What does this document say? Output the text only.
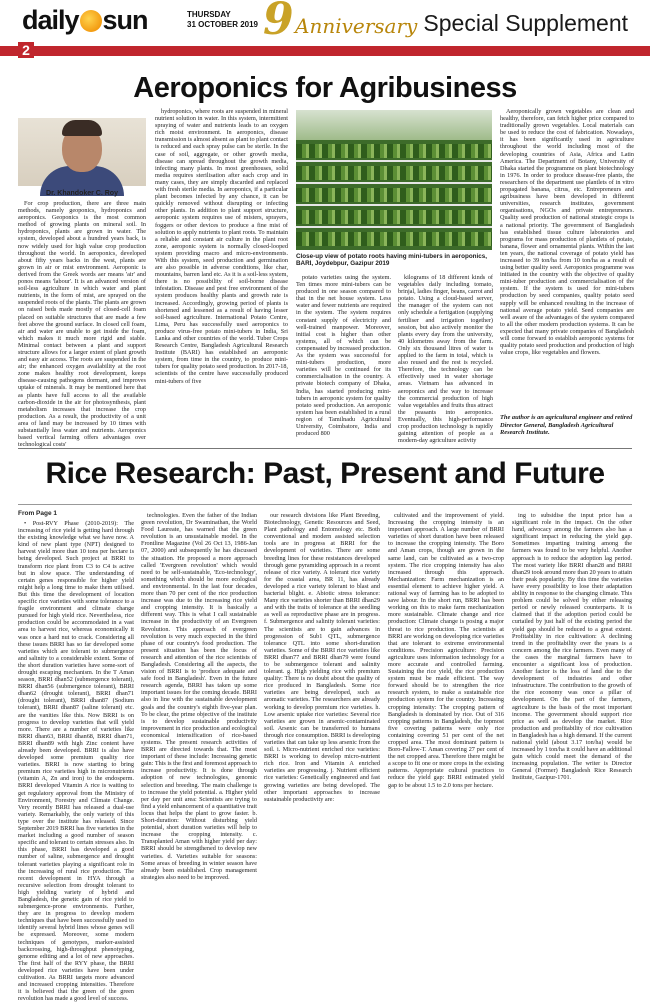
daily sun	THURSDAY
31 OCTOBER 2019 9 Anniversary Special Supplement
2
Aeroponics for Agribusiness
Dr. Khandoker C. Roy

For crop production, there are three main methods, namely geoponics, hydroponics and aeroponics. Geoponics is the most common method of growing plants on mineral soil. In hydroponics, plants are grown in water. The system, developed about a hundred years back, is now widely used for high value crop production throughout the world. In aeroponics, developed about fifty years backs in the west, plants are grown in air or mist environment. Aeroponic is derived from the Greek words aer means 'air' and ponos means 'labour'. It is an advanced version of soil-less agriculture in which water and plant nutrients, in the form of mist, are sprayed on the suspended roots of the plants. The plants are grown on raised beds made mostly of closed-cell foam placed on suitable structures that are made a few feet above the ground surface. In closed cell foam, air and water are unable to get inside the foam, which makes it much more rigid and stable. Minimal contact between a plant and support structure allows for a larger extent of plant growth and easy air access. The roots are suspended in the air; the enhanced oxygen availability at the root zone makes healthy root development, keeps disease-causing pathogens dormant, and improves uptake of minerals. It may be mentioned here that as plants have full access to all the available carbon-dioxide in the air for photosynthesis, plant metabolism increases that increase the crop production. As a result, the productivity of a unit area of land may be increased by 10 times with substantially less water and nutrients. Aeroponics based vertical farming offers advantages over technological costs'

hydroponics, where roots are suspended in mineral nutrient solution in water. In this system, intermittent spraying of water and nutrients leads to an oxygen rich moist environment. In aeroponics, disease transmission is almost absent as plant to plant contact is reduced and each spray pulse can be sterile. In the case of soil, aggregate, or other growth media, disease can spread throughout the growth media, infecting many plants. In most greenhouses, solid media requires sterilisation after each crop and in many cases, they are simply discarded and replaced with fresh sterile media. In aeroponics, if a particular plant becomes infected by any chance, it can be quickly removed without disrupting or infecting other plants. In addition to plant support structure, aeroponic system requires use of misters, sprayers, foggers or other devices to produce a fine mist of solution to apply nutrients to plant roots. To maintain a reliable and constant air culture in the plant root zone, aeroponic system is normally closed-looped system providing macro and micro-environments. With this system, seed production and germination are also possible in adverse conditions, like char, mountains, barren land etc. As it is a soil-less system, there is no possibility of soil-borne disease infestation. Disease and pest free environment of the system produces healthy plants and growth rate is increased. Accordingly, growing period of plants is shortened and lessened as a result of having lesser soil-based agriculture. International Potato Centre, Lima, Peru has successfully used aeroponics to produce virus-free potato mini-tubers in India, Sri Lanka and other countries of the world. Tuber Crops Research Centre, Bangladesh Agricultural Research Institute (BARI) has established an aeroponic system, from time in the country, to produce mini-tubers for quality potato seed production. In 2017-18, scientists of the centre have successfully produced mini-tubers of five

Close-up view of potato roots having mini-tubers in aeroponics, BARI, Joydebpur, Gazipur 2019

potato varieties using the system. Ten times more mini-tubers can be produced in one season compared to that in the net house system. Less water and fewer nutrients are required in the system. The system requires constant supply of electricity and well-trained manpower. Moreover, initial cost is higher than other systems, all of which can be compensated by increased production. As the system was successful for mini-tubers production, more varieties will be continued for its commercialisation in the country. A private biotech company of Dhaka, India, has started producing mini-tubers in aeroponic system for quality potato seed production. An aeroponic system has been established in a rural region of Tamilnadu Agricultural University, Coimbatore, India and produced 800

kilograms of 18 different kinds of vegetables daily including tomato, brinjal, ladies finger, beans, carrot and potato. Using a cloud-based server, the manager of the system can not only schedule a fertigation (supplying fertiliser and irrigation together) session, but also actively monitor the plants every day from the university, 40 kilometres away from the farm. Only six thousand litres of water is applied to the farm in total, which is also reused and the rest is recycled. Therefore, the technology can be effectively used in water shortage areas. Vietnam has advanced in aeroponics and the way to increase the commercial production of high value vegetables and fruits thus attract the peasants into aeroponics. Eventually, this high-performance crop production technology is rapidly gaining attention of people as a modern-day agriculture activity

Aeroponically grown vegetables are clean and healthy, therefore, can fetch higher price compared to traditionally grown vegetables. Local materials can be used to reduce the cost of fabrication. Nowadays, it has been significantly used in agriculture throughout the world including most of the developing countries of Asia, Africa and Latin America. The Department of Botany, University of Dhaka started the programme on plant biotechnology in 1976. In order to produce disease-free plants, the researchers of the department use plantlets of in vitro propagated banana, citrus, etc. Entrepreneurs and agribusiness have been developed in different universities, research institutes, government organisations, NGOs and private entrepreneurs. Quality seed production of national strategic crops is a national priority. The government of Bangladesh has established tissue culture laboratories and programs for mass production of plantlets of potato, banana, flower and ornamental plants. Within the last ten years, the national coverage of potato yield has increased to 39 ton/ha from 10 ton/ha as a result of using better quality seed. Aeroponics programme was initiated in the country with the objective of quality mini-tuber production and commercialisation of the system. If the system is used for mini-tubers production by seed companies, quality potato seed supply will be enhanced resulting in the increase of national average potato yield. Seed companies are well aware of the advantages of the system compared to all the other modern production systems. It can be expected that many private companies of Bangladesh will come forward to establish aeroponic systems for quality potato seed production and production of high value crops, like vegetables and flowers.

The author is an agricultural engineer and retired Director General, Bangladesh Agricultural Research Institute.
Rice Research: Past, Present and Future
From Page 1

• Post-RVY Phase (2010-2019): The increasing of rice yield is getting hard through the existing knowledge what we have now. A kind of new plant type (NPT) designed to harvest yield more than 10 tons per hectare is being developed. Such project at BRRI to transform rice plant from C3 to C4 is active but in slow space. The understanding of certain genes responsible for higher yield might help a long time to make them utilised. But this time the development of location specific rice varieties with some tolerance to a fragile environment and climate change pursued for high yield rice. Nevertheless, rice production could be accommodated in a vast area to harvest rice, whereas economically it was once a hard nut to crack. Considering all these issues BRRI has so far developed some varieties which are tolerant to submergence and salinity to a considerable extent. Some of the short duration varieties have some-sort of drought escaping mechanism. In the T Aman season, BRRI dhan52 (submergence tolerant), BRRI dhan56 (submergence tolerant), BRRI dhan62 (drought tolerant), BRRI dhan71 (drought tolerant), BRRI dhan87 (Sodium tolerant), BRRI dhan87 (saline tolerant) etc. are the vanities like this. Now BRRI is on progress to develop varieties that will yield more. There are a number of varieties like BRRI dhan63, BRRI dhan68, BRRI dhan71, BRRI dhan89 with high Zinc content have already been developed. BRRI is also have developed some premium quality rice varieties. BRRI is now starting to bring premium rice varieties high in micronutrients (vitamin A, Zn and iron) to the endosperm. BRRI developed Vitamin A rice is waiting to get regulatory approval from the Ministry of Environment, Forestry and Climate Change. Very recently BRRI has released a dual-use variety. Remarkably, the only variety of this type over the institute has released. Since September 2019 BRRI has five varieties in the market including a good number of season specific and tolerant to certain stresses also. In this phase, BRRI has developed a good number of saline, submergence and drought tolerant varieties playing a significant role in the increasing of rural rice production. The recent development in HYA through a recursive selection from drought tolerant to high yielding variety of hybrid and Bangladesh, the genetic gain of rice yield to submergence-prone environments. Further, they are in progress to develop modern techniques that have been successfully used to identify several hybrid lines whose genes will be expressed. Moreover, some modern techniques of genotypes, marker-assisted backcrossing, high-throughput phenotyping, genome editing and a lot of new approaches. The first half of the RYY phase, the BRRI developed rice varieties have been under cultivation. As BRRI targets more advanced and increased cropping intensities. Therefore it is believed that the green of the green revolution has made a good level of success.

technologies. Even the father of the Indian green revolution, Dr Swaminathan, the World Food Laureate, has warned that the green revolution is an unsustainable model. In the Frontline Magazine (Vol 26 Oct 13, 1986-Jan 07, 2000) and subsequently he has discussed the situation. He proposed a more approach called 'Evergreen revolution' which would need to be self-sustainable, 'Eco-technology', something which should be more ecological and environmental. In the last four decades, more than 70 per cent of the rice production increase was due to the increasing rice yield and cropping intensity. It is basically a different way. This is what I call sustainable increase in the productivity of an Evergreen Revolution. This approach of evergreen revolution is very much expected in the third phase of our country's food production. The present situation has been the focus of research and attention of the rice scientists of Bangladesh. Considering all the aspects, the vision of BRRI is to 'produce adequate and safe food in Bangladesh'. Even in the future research agenda, BRRI has taken up some important issues for the coming decade. BRRI also in line with the sustainable development goals and the country's eighth five-year plan. To be clear, the prime objective of the institute is to develop sustainable productivity improvement in rice production and ecological economical intensification of rice-based systems. The present research activities of BRRI are directed towards that. The most important of these include: Increasing genetic gain: This is the first and foremost approach to increase productivity. It is done through adoption of new technologies, genomic selection and breeding. The main challenge is to increase the yield potential. a. Higher yield per day per unit area: Scientists are trying to find a yield enhancement of a quantitative trait locus that helps the plant to grow faster. b. Short-duration: Without disturbing yield potential, short duration varieties will help to increase the cropping intensity. c. Transplanted Aman with higher yield per day: BRRI should be strengthened to develop new varieties. d. Varieties suitable for seasons: Some areas of breeding in winter season have already been established. Crop management strategies also need to be improved.

our research divisions like Plant Breeding, Biotechnology, Genetic Resources and Seed, Plant pathology and Entomology etc. Both conventional and modern assisted selection tools are in progress at BRRI for the development of varieties. There are some breeding lines for these resistances developed through gene pyramiding approach in a recent release of rice variety. A tolerant rice variety for the coastal area, BR 11, has already developed a rice variety tolerant to blast and bacterial blight. e. Abiotic stress tolerance: Many rice varieties shorter than BRRI dhan29 and with the traits of tolerance at the seedling as well as reproductive phase are in progress. f. Submergence and salinity tolerant varieties: The scientists are to gain advances in progression of Sub1 QTL, submergence tolerance QTL into some short-duration varieties. Some of the BRRI rice varieties like BRRI dhan77 and BRRI dhan79 were found to be submergence tolerant and salinity tolerant. g. High yielding rice with premium quality: There is no doubt about the quality of rice produced in Bangladesh. Some rice varieties are being developed, such as aromatic varieties. The researchers are already working to develop premium rice varieties. h. Low arsenic uptake rice varieties: Several rice varieties are grown in arsenic-contaminated soil. Arsenic can be transferred to humans through rice consumption. BRRI is developing varieties that can take up less arsenic from the soil. i. Micro-nutrient enriched rice varieties: BRRI is working to develop micro-nutrient rich rice. Iron and Vitamin A enriched varieties are progressing. j. Nutrient efficient rice varieties: Genetically engineered and fast growing varieties are being developed. The other important approaches to increase sustainable productivity are:

cultivated and the improvement of yield. Increasing the cropping intensity is an important approach. A large number of BRRI varieties of short duration have been released to increase the cropping intensity. The Boro and Aman crops, though are grown in the same land, can be cultivated as a two-crop system. The rice cropping intensity has also increased through this approach. Mechanization: Farm mechanization is an essential element to achieve higher yield. A rational way of farming has to be adopted to save labour. In the short run, BRRI has been working on this to make farm mechanization more sustainable. Climate change and rice production: Climate change is posing a major threat to rice production. The scientists at BRRI are working on developing rice varieties that are tolerant to extreme environmental conditions. Precision agriculture: Precision agriculture uses information technology for a more accurate and controlled farming. Sustaining the rice yield, the rice production system must be made efficient. The way forward should be to strengthen the rice research system, to make a sustainable rice production system for the country. Increasing cropping intensity: The cropping pattern of Bangladesh is dominated by rice. Out of 316 cropping patterns in Bangladesh, the topmost five covering patterns were only rice containing covering 51 per cent of the net cropped area. The most dominant pattern is Boro-Fallow-T. Aman covering 27 per cent of the net cropped area. Therefore there might be a scope to fit one or more crops in the existing patterns. Appropriate cultural practices to reduce the yield gap: BRRI estimated yield gap to be about 1.5 to 2.0 tons per hectare.

ing to subsidise the input price has a significant role in the impact. On the other hand, advocacy among the farmers also has a significant impact in reducing the yield gap. Sometimes imparting training among the farmers was found to be very helpful. Another approach is to reduce the adoption lag period. The most variety like BRRI dhan28 and BRRI dhan29 took around more than 20 years to attain their peak popularity. By this time the varieties have every possibility to lose their adaptation ability in response to the changing climate. This problem could be solved by either releasing period or newly released counterparts. It is claimed that if the adoption period could be curtailed by just half of the existing period the yield gap should be reduced to a great extent. Profitability in rice cultivation: A declining trend in the profitability over the years is a concern among the rice farmers. Even many of the cases the marginal farmers have to encounter a significant loss of production. Another factor is the loss of land due to the development of industries and other infrastructure. The contribution to the growth of the rice economy was once a pillar of development. On the part of the farmers, agriculture is the basis of the most important income. The government should support rice price as well as develop the market. Rice production and profitability of rice cultivation in Bangladesh has a high demand. If the current national yield (about 3.17 ton/ha) would be increased by 1 ton/ha it could have an additional gain which could meet the demand of the increasing population. The writer is Director General (Former) Bangladesh Rice Research Institute, Gazipur-1701.
